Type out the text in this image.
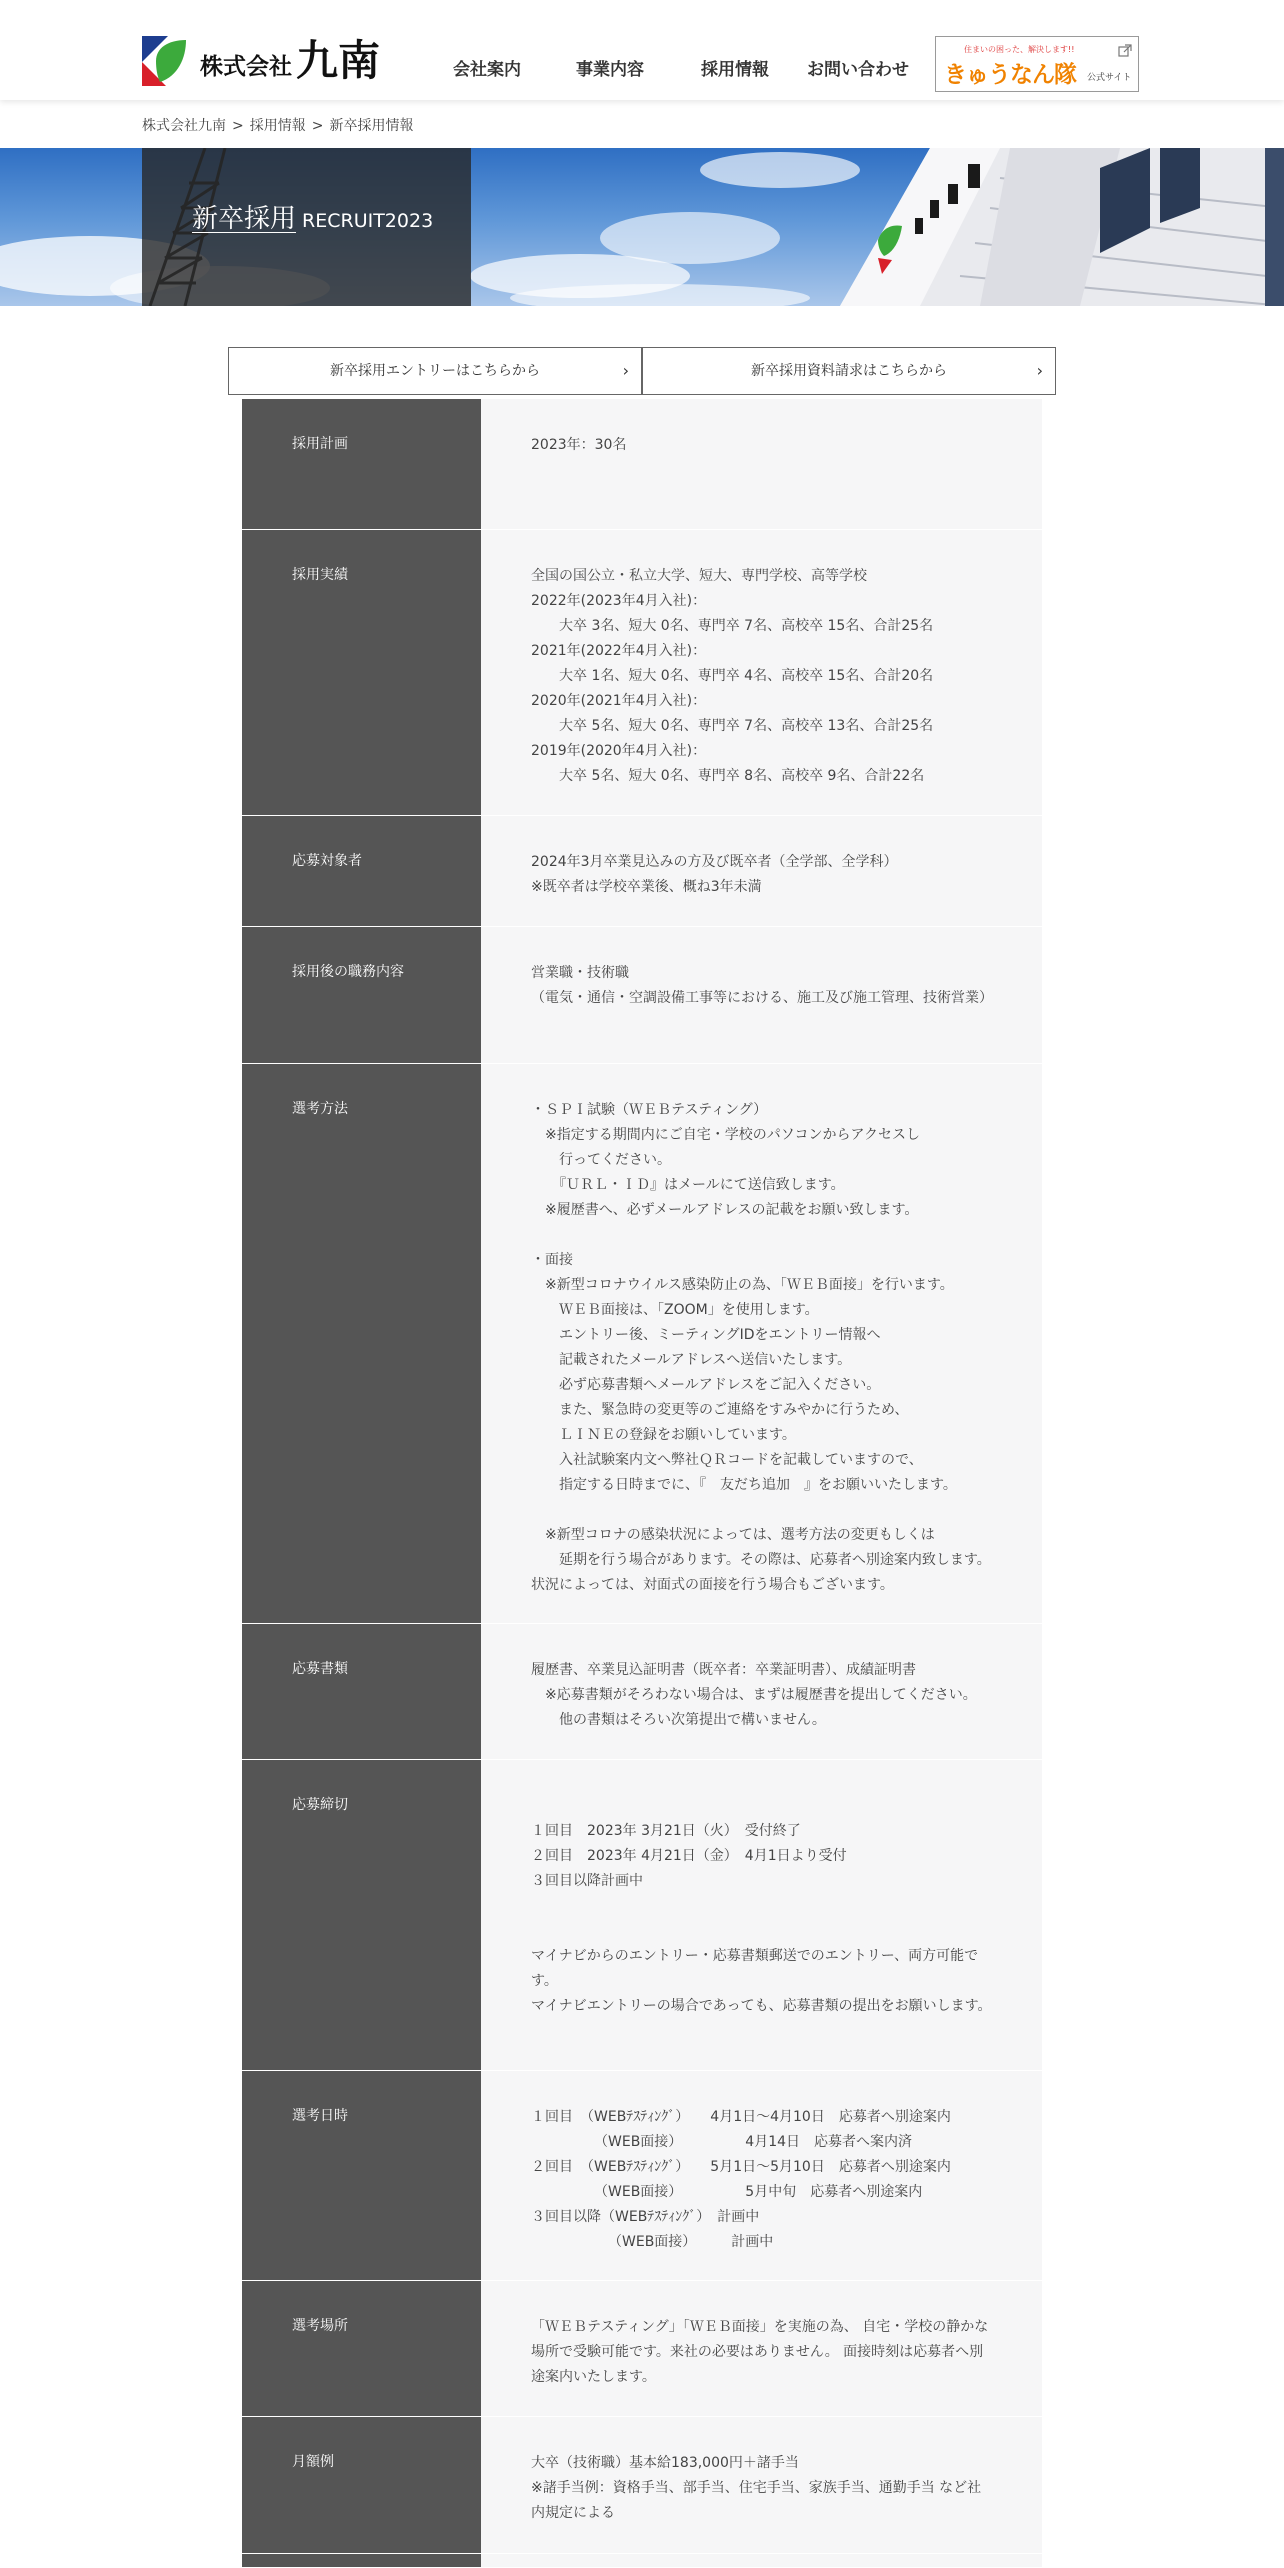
株式会社 九南	会社案内	事業内容	採用情報 お問い合わせ
住まいの困った、解決します!!
きゅうなん隊 公式サイト
株式会社九南 > 採用情報 > 新卒採用情報
新卒採用 RECRUIT2023
新卒採用エントリーはこちらから	›	新卒採用資料請求はこちらから	›
採用計画	2023年：30名
採用実績	全国の国公立・私立大学、短大、専門学校、高等学校
2022年(2023年4月入社)：
　　大卒 3名、短大 0名、専門卒 7名、高校卒 15名、合計25名
2021年(2022年4月入社)：
　　大卒 1名、短大 0名、専門卒 4名、高校卒 15名、合計20名
2020年(2021年4月入社)：
　　大卒 5名、短大 0名、専門卒 7名、高校卒 13名、合計25名
2019年(2020年4月入社)：
　　大卒 5名、短大 0名、専門卒 8名、高校卒 9名、合計22名
応募対象者	2024年3月卒業見込みの方及び既卒者（全学部、全学科）
※既卒者は学校卒業後、概ね3年未満
採用後の職務内容	営業職・技術職
（電気・通信・空調設備工事等における、施工及び施工管理、技術営業）
選考方法	・ＳＰＩ試験（ＷＥＢテスティング）
　※指定する期間内にご自宅・学校のパソコンからアクセスし
　　行ってください。
　　『ＵＲＬ・ＩＤ』はメールにて送信致します。
　※履歴書へ、必ずメールアドレスの記載をお願い致します。

・面接
　※新型コロナウイルス感染防止の為、「ＷＥＢ面接」を行います。
　　ＷＥＢ面接は、「ZOOM」を使用します。
　　エントリー後、ミーティングIDをエントリー情報へ
　　記載されたメールアドレスへ送信いたします。
　　必ず応募書類へメールアドレスをご記入ください。
　　また、緊急時の変更等のご連絡をすみやかに行うため、
　　ＬＩＮＥの登録をお願いしています。
　　入社試験案内文へ弊社ＱＲコードを記載していますので、
　　指定する日時までに、『　友だち追加　』をお願いいたします。

　※新型コロナの感染状況によっては、選考方法の変更もしくは
　　延期を行う場合があります。その際は、応募者へ別途案内致します。状況によっては、対面式の面接を行う場合もございます。
応募書類	履歴書、卒業見込証明書（既卒者：卒業証明書）、成績証明書
　※応募書類がそろわない場合は、まずは履歴書を提出してください。
　　他の書類はそろい次第提出で構いません。
応募締切

１回目　2023年 3月21日（火）　受付終了
２回目　2023年 4月21日（金）　4月1日より受付
３回目以降計画中

マイナビからのエントリー・応募書類郵送でのエントリー、両方可能です。
マイナビエントリーの場合であっても、応募書類の提出をお願いします。
選考日時	１回目　（WEBﾃｽﾃｨﾝｸﾞ）　　4月1日～4月10日　応募者へ別途案内
　　　　　（WEB面接）　　　　　4月14日　応募者へ案内済
２回目　（WEBﾃｽﾃｨﾝｸﾞ）　　5月1日～5月10日　応募者へ別途案内
　　　　　（WEB面接）　　　　　5月中旬　応募者へ別途案内
３回目以降（WEBﾃｽﾃｨﾝｸﾞ）　計画中
　　　　　　（WEB面接）　　　計画中
選考場所	「ＷＥＢテスティング」「ＷＥＢ面接」を実施の為、 自宅・学校の静かな場所で受験可能です。来社の必要はありません。 面接時刻は応募者へ別途案内いたします。
月額例	大卒（技術職）基本給183,000円＋諸手当
※諸手当例：資格手当、部手当、住宅手当、家族手当、通勤手当 など社内規定による
